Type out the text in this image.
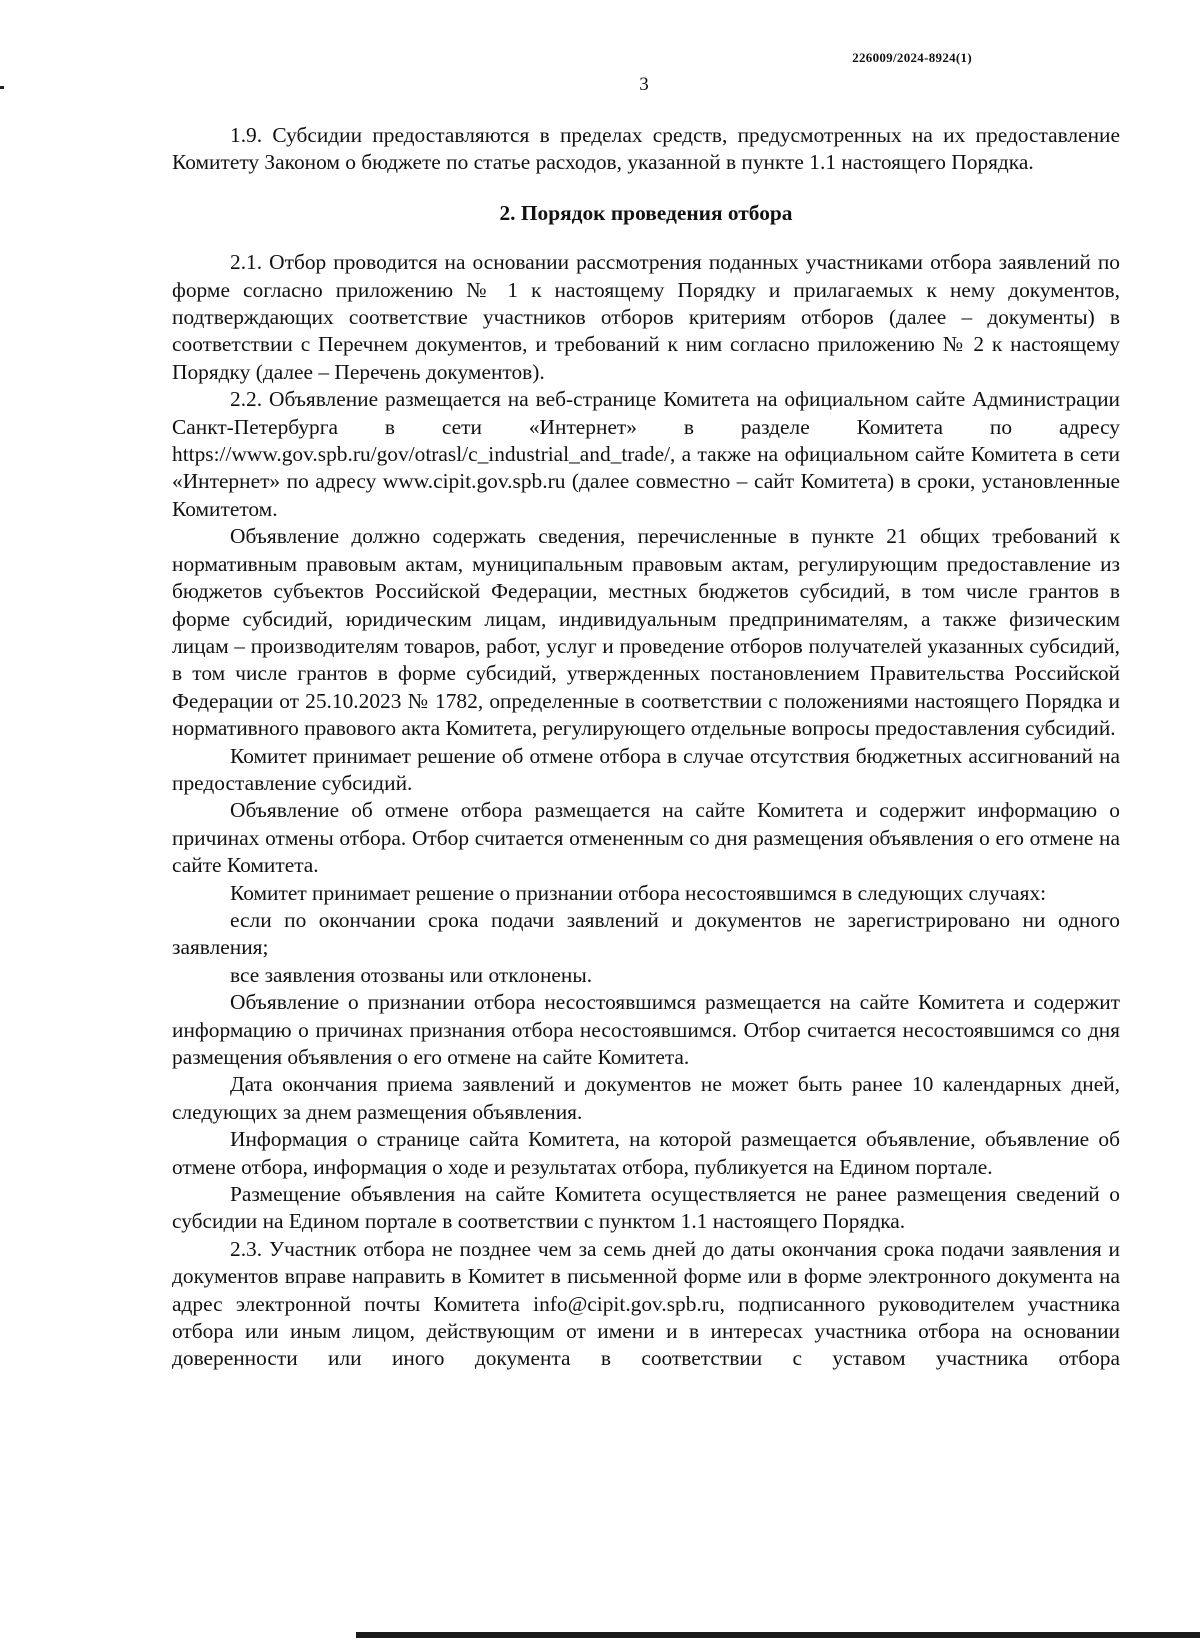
226009/2024-8924(1)
3

1.9. Субсидии предоставляются в пределах средств, предусмотренных на их предоставление Комитету Законом о бюджете по статье расходов, указанной в пункте 1.1 настоящего Порядка.

2. Порядок проведения отбора

2.1. Отбор проводится на основании рассмотрения поданных участниками отбора заявлений по форме согласно приложению № 1 к настоящему Порядку и прилагаемых к нему документов, подтверждающих соответствие участников отборов критериям отборов (далее – документы) в соответствии с Перечнем документов, и требований к ним согласно приложению № 2 к настоящему Порядку (далее – Перечень документов).

2.2. Объявление размещается на веб-странице Комитета на официальном сайте Администрации Санкт-Петербурга в сети «Интернет» в разделе Комитета по адресу https://www.gov.spb.ru/gov/otrasl/c_industrial_and_trade/, а также на официальном сайте Комитета в сети «Интернет» по адресу www.cipit.gov.spb.ru (далее совместно – сайт Комитета) в сроки, установленные Комитетом.

Объявление должно содержать сведения, перечисленные в пункте 21 общих требований к нормативным правовым актам, муниципальным правовым актам, регулирующим предоставление из бюджетов субъектов Российской Федерации, местных бюджетов субсидий, в том числе грантов в форме субсидий, юридическим лицам, индивидуальным предпринимателям, а также физическим лицам – производителям товаров, работ, услуг и проведение отборов получателей указанных субсидий, в том числе грантов в форме субсидий, утвержденных постановлением Правительства Российской Федерации от 25.10.2023 № 1782, определенные в соответствии с положениями настоящего Порядка и нормативного правового акта Комитета, регулирующего отдельные вопросы предоставления субсидий.

Комитет принимает решение об отмене отбора в случае отсутствия бюджетных ассигнований на предоставление субсидий.

Объявление об отмене отбора размещается на сайте Комитета и содержит информацию о причинах отмены отбора. Отбор считается отмененным со дня размещения объявления о его отмене на сайте Комитета.

Комитет принимает решение о признании отбора несостоявшимся в следующих случаях:

если по окончании срока подачи заявлений и документов не зарегистрировано ни одного заявления;

все заявления отозваны или отклонены.

Объявление о признании отбора несостоявшимся размещается на сайте Комитета и содержит информацию о причинах признания отбора несостоявшимся. Отбор считается несостоявшимся со дня размещения объявления о его отмене на сайте Комитета.

Дата окончания приема заявлений и документов не может быть ранее 10 календарных дней, следующих за днем размещения объявления.

Информация о странице сайта Комитета, на которой размещается объявление, объявление об отмене отбора, информация о ходе и результатах отбора, публикуется на Едином портале.

Размещение объявления на сайте Комитета осуществляется не ранее размещения сведений о субсидии на Едином портале в соответствии с пунктом 1.1 настоящего Порядка.

2.3. Участник отбора не позднее чем за семь дней до даты окончания срока подачи заявления и документов вправе направить в Комитет в письменной форме или в форме электронного документа на адрес электронной почты Комитета info@cipit.gov.spb.ru, подписанного руководителем участника отбора или иным лицом, действующим от имени и в интересах участника отбора на основании доверенности или иного документа в соответствии с уставом участника отбора
